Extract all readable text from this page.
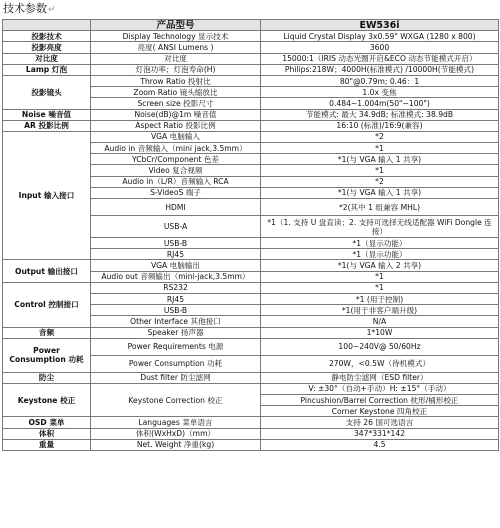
技术参数↵
	产品型号	EW536i
投影技术	Display Technology 显示技术	Liquid Crystal Display 3x0.59" WXGA (1280 x 800)
投影亮度	亮度( ANSI Lumens )	3600
对比度	对比度	15000:1（IRIS 动态光圈开启&ECO 动态节能模式开启）
Lamp 灯泡	灯泡功率；灯泡寿命(H)	Philips:218W；4000H(标准模式) /10000H(节能模式)
投影镜头	Throw Ratio 投射比	80"@0.79m; 0.46：1
	Zoom Ratio 镜头缩放比	1.0x 变焦
	Screen size 投影尺寸	0.484~1.004m(50"~100")
Noise 噪音值	Noise(dB)@1m 噪音值	节能模式: 最大 34.9dB; 标准模式: 38.9dB
AR 投影比例	Aspect Ratio 投影比例	16:10 (标准)/16:9(兼容)
Input 输入接口	VGA 电脑输入	*2
	Audio in 音频输入（mini jack,3.5mm）	*1
	YCbCr/Component 色差	*1(与 VGA 输入 1 共享)
	Video 复合视频	*1
	Audio in（L/R）音频输入 RCA	*2
	S-VideoS 端子	*1(与 VGA 输入 1 共享)
	HDMI	*2(其中 1 组兼容 MHL)
	USB-A	*1（1. 支持 U 盘直读；2. 支持可选择无线适配器 WiFi Dongle 连接）
	USB-B	*1（显示功能）
	RJ45	*1（显示功能）
Output 输出接口	VGA 电脑输出	*1(与 VGA 输入 2 共享)
	Audio out 音频输出（mini-jack,3.5mm）	*1
Control 控制接口	RS232	*1
	RJ45	*1 (用于控制)
	USB-B	*1(用于非客户端升级)
	Other Interface 其他接口	N/A
音频	Speaker 扬声器	1*10W
Power Consumption 功耗	Power Requirements 电源	100~240V@ 50/60Hz
	Power Consumption 功耗	270W，<0.5W（待机模式）
防尘	Dust filter 防尘滤网	静电防尘滤网（ESD filter）
Keystone 校正	Keystone Correction 校正	V: ±30°（自动+手动）H: ±15°（手动）
		Pincushion/Barrel Correction 枕形/桶形校正
		Corner Keystone 四角校正
OSD 菜单	Languages 菜单语言	支持 26 国可选语言
体积	体积(WxHxD)（mm）	347*331*142
重量	Net. Weight 净重(kg)	4.5
